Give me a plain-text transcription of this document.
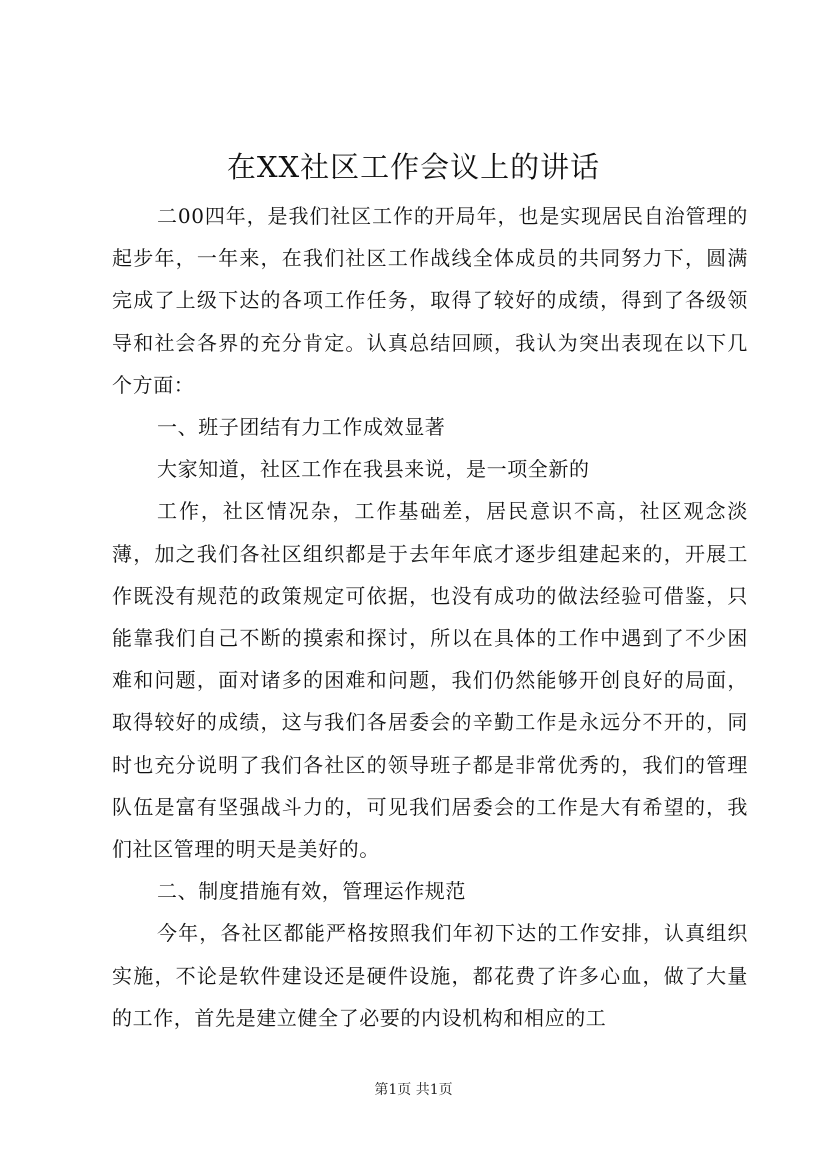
在XX社区工作会议上的讲话

二00四年，是我们社区工作的开局年，也是实现居民自治管理的起步年，一年来，在我们社区工作战线全体成员的共同努力下，圆满完成了上级下达的各项工作任务，取得了较好的成绩，得到了各级领导和社会各界的充分肯定。认真总结回顾，我认为突出表现在以下几个方面：

一、班子团结有力工作成效显著

大家知道，社区工作在我县来说，是一项全新的

工作，社区情况杂，工作基础差，居民意识不高，社区观念淡薄，加之我们各社区组织都是于去年年底才逐步组建起来的，开展工作既没有规范的政策规定可依据，也没有成功的做法经验可借鉴，只能靠我们自己不断的摸索和探讨，所以在具体的工作中遇到了不少困难和问题，面对诸多的困难和问题，我们仍然能够开创良好的局面，取得较好的成绩，这与我们各居委会的辛勤工作是永远分不开的，同时也充分说明了我们各社区的领导班子都是非常优秀的，我们的管理队伍是富有坚强战斗力的，可见我们居委会的工作是大有希望的，我们社区管理的明天是美好的。

二、制度措施有效，管理运作规范

今年，各社区都能严格按照我们年初下达的工作安排，认真组织实施，不论是软件建设还是硬件设施，都花费了许多心血，做了大量的工作，首先是建立健全了必要的内设机构和相应的工

第1页 共1页
